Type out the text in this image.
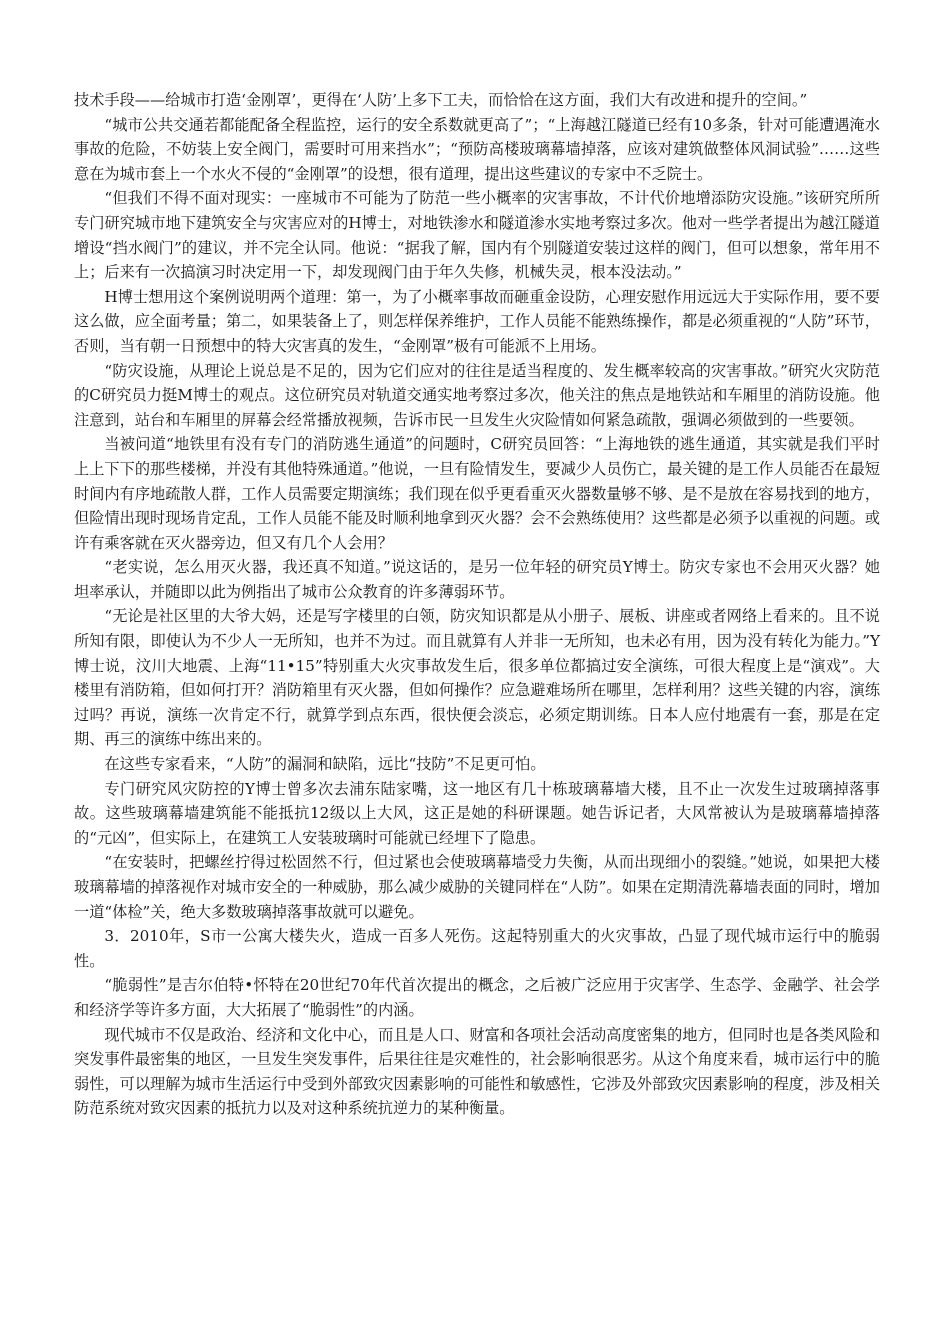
技术手段——给城市打造‘金刚罩’，更得在‘人防’上多下工夫，而恰恰在这方面，我们大有改进和提升的空间。”

“城市公共交通若都能配备全程监控，运行的安全系数就更高了”；“上海越江隧道已经有10多条，针对可能遭遇淹水事故的危险，不妨装上安全阀门，需要时可用来挡水”；“预防高楼玻璃幕墙掉落，应该对建筑做整体风洞试验”……这些意在为城市套上一个水火不侵的“金刚罩”的设想，很有道理，提出这些建议的专家中不乏院士。

“但我们不得不面对现实：一座城市不可能为了防范一些小概率的灾害事故，不计代价地增添防灾设施。”该研究所所专门研究城市地下建筑安全与灾害应对的H博士，对地铁渗水和隧道渗水实地考察过多次。他对一些学者提出为越江隧道增设“挡水阀门”的建议，并不完全认同。他说：“据我了解，国内有个别隧道安装过这样的阀门，但可以想象，常年用不上；后来有一次搞演习时决定用一下，却发现阀门由于年久失修，机械失灵，根本没法动。”

H博士想用这个案例说明两个道理：第一，为了小概率事故而砸重金设防，心理安慰作用远远大于实际作用，要不要这么做，应全面考量；第二，如果装备上了，则怎样保养维护，工作人员能不能熟练操作，都是必须重视的“人防”环节，否则，当有朝一日预想中的特大灾害真的发生，“金刚罩”极有可能派不上用场。

“防灾设施，从理论上说总是不足的，因为它们应对的往往是适当程度的、发生概率较高的灾害事故。”研究火灾防范的C研究员力挺M博士的观点。这位研究员对轨道交通实地考察过多次，他关注的焦点是地铁站和车厢里的消防设施。他注意到，站台和车厢里的屏幕会经常播放视频，告诉市民一旦发生火灾险情如何紧急疏散，强调必须做到的一些要领。

当被问道“地铁里有没有专门的消防逃生通道”的问题时，C研究员回答：“上海地铁的逃生通道，其实就是我们平时上上下下的那些楼梯，并没有其他特殊通道。”他说，一旦有险情发生，要减少人员伤亡，最关键的是工作人员能否在最短时间内有序地疏散人群，工作人员需要定期演练；我们现在似乎更看重灭火器数量够不够、是不是放在容易找到的地方，但险情出现时现场肯定乱，工作人员能不能及时顺利地拿到灭火器？会不会熟练使用？这些都是必须予以重视的问题。或许有乘客就在灭火器旁边，但又有几个人会用？

“老实说，怎么用灭火器，我还真不知道。”说这话的，是另一位年轻的研究员Y博士。防灾专家也不会用灭火器？她坦率承认，并随即以此为例指出了城市公众教育的许多薄弱环节。

“无论是社区里的大爷大妈，还是写字楼里的白领，防灾知识都是从小册子、展板、讲座或者网络上看来的。且不说所知有限，即使认为不少人一无所知，也并不为过。而且就算有人并非一无所知，也未必有用，因为没有转化为能力。”Y博士说，汶川大地震、上海“11•15”特别重大火灾事故发生后，很多单位都搞过安全演练，可很大程度上是“演戏”。大楼里有消防箱，但如何打开？消防箱里有灭火器，但如何操作？应急避难场所在哪里，怎样利用？这些关键的内容，演练过吗？再说，演练一次肯定不行，就算学到点东西，很快便会淡忘，必须定期训练。日本人应付地震有一套，那是在定期、再三的演练中练出来的。

在这些专家看来，“人防”的漏洞和缺陷，远比“技防”不足更可怕。

专门研究风灾防控的Y博士曾多次去浦东陆家嘴，这一地区有几十栋玻璃幕墙大楼，且不止一次发生过玻璃掉落事故。这些玻璃幕墙建筑能不能抵抗12级以上大风，这正是她的科研课题。她告诉记者，大风常被认为是玻璃幕墙掉落的“元凶”，但实际上，在建筑工人安装玻璃时可能就已经埋下了隐患。

“在安装时，把螺丝拧得过松固然不行，但过紧也会使玻璃幕墙受力失衡，从而出现细小的裂缝。”她说，如果把大楼玻璃幕墙的掉落视作对城市安全的一种威胁，那么减少威胁的关键同样在“人防”。如果在定期清洗幕墙表面的同时，增加一道“体检”关，绝大多数玻璃掉落事故就可以避免。

3．2010年，S市一公寓大楼失火，造成一百多人死伤。这起特别重大的火灾事故，凸显了现代城市运行中的脆弱性。

“脆弱性”是吉尔伯特•怀特在20世纪70年代首次提出的概念，之后被广泛应用于灾害学、生态学、金融学、社会学和经济学等许多方面，大大拓展了“脆弱性”的内涵。

现代城市不仅是政治、经济和文化中心，而且是人口、财富和各项社会活动高度密集的地方，但同时也是各类风险和突发事件最密集的地区，一旦发生突发事件，后果往往是灾难性的，社会影响很恶劣。从这个角度来看，城市运行中的脆弱性，可以理解为城市生活运行中受到外部致灾因素影响的可能性和敏感性，它涉及外部致灾因素影响的程度，涉及相关防范系统对致灾因素的抵抗力以及对这种系统抗逆力的某种衡量。
